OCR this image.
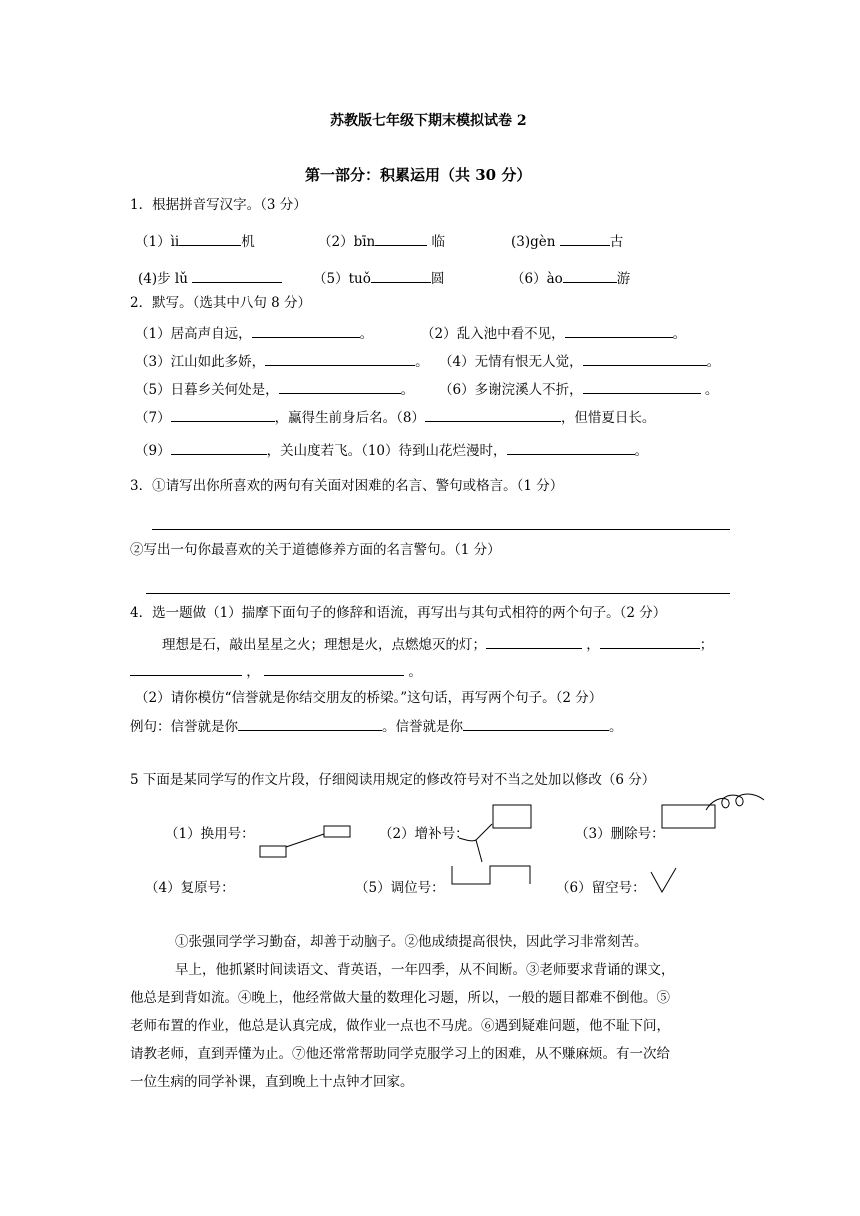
苏教版七年级下期末模拟试卷 2
第一部分：积累运用（共 30 分）
1．根据拼音写汉字。（3 分）
（1）ìi	机	（2）bīn	临	(3)gèn	古
(4)步 lǔ	（5）tuǒ	圆	（6）ào	游
2．默写。（选其中八句 8 分）
（1）居高声自远，	。	（2）乱入池中看不见，	。
（3）江山如此多娇，	。 （4）无情有恨无人觉，	。
（5）日暮乡关何处是，	。 （6）多谢浣溪人不折，	。
（7）	，赢得生前身后名。（8）	，但惜夏日长。
（9）	，关山度若飞。（10）待到山花烂漫时，	。
3．①请写出你所喜欢的两句有关面对困难的名言、警句或格言。（1 分）
②写出一句你最喜欢的关于道德修养方面的名言警句。（1 分）
4．选一题做（1）揣摩下面句子的修辞和语流，再写出与其句式相符的两个句子。（2 分）
理想是石，敲出星星之火；理想是火，点燃熄灭的灯；	，	；
，	。
（2）请你模仿“信誉就是你结交朋友的桥梁。”这句话，再写两个句子。（2 分）
例句：信誉就是你	。信誉就是你	。
5 下面是某同学写的作文片段，仔细阅读用规定的修改符号对不当之处加以修改（6 分）
（1）换用号：	（2）增补号：	（3）删除号：
（4）复原号：	（5）调位号：	（6）留空号：
①张强同学学习勤奋，却善于动脑子。②他成绩提高很快，因此学习非常刻苦。
早上，他抓紧时间读语文、背英语，一年四季，从不间断。③老师要求背诵的课文，
他总是到背如流。④晚上，他经常做大量的数理化习题，所以，一般的题目都难不倒他。⑤
老师布置的作业，他总是认真完成，做作业一点也不马虎。⑥遇到疑难问题，他不耻下问，
请教老师，直到弄懂为止。⑦他还常常帮助同学克服学习上的困难，从不赚麻烦。有一次给
一位生病的同学补课，直到晚上十点钟才回家。
